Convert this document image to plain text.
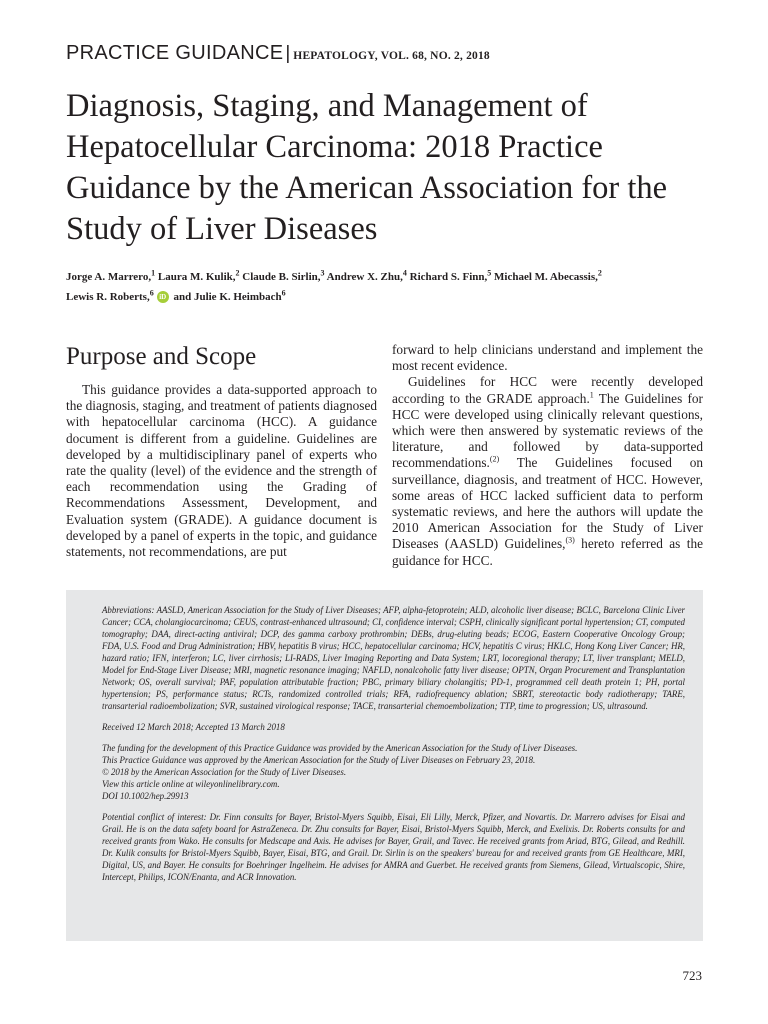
PRACTICE GUIDANCE | HEPATOLOGY, VOL. 68, NO. 2, 2018
Diagnosis, Staging, and Management of Hepatocellular Carcinoma: 2018 Practice Guidance by the American Association for the Study of Liver Diseases
Jorge A. Marrero,$^1$ Laura M. Kulik,$^2$ Claude B. Sirlin,$^3$ Andrew X. Zhu,$^4$ Richard S. Finn,$^5$ Michael M. Abecassis,$^2$
Lewis R. Roberts,$^6$iD and Julie K. Heimbach$^6$
Purpose and Scope

This guidance provides a data-supported approach to the diagnosis, staging, and treatment of patients diagnosed with hepatocellular carcinoma (HCC). A guidance document is different from a guideline. Guidelines are developed by a multidisciplinary panel of experts who rate the quality (level) of the evidence and the strength of each recommendation using the Grading of Recommendations Assessment, Development, and Evaluation system (GRADE). A guidance document is developed by a panel of experts in the topic, and guidance statements, not recommendations, are put

forward to help clinicians understand and implement the most recent evidence.

Guidelines for HCC were recently developed according to the GRADE approach.$^1$ The Guidelines for HCC were developed using clinically relevant questions, which were then answered by systematic reviews of the literature, and followed by data-supported recommendations.$^{(2)}$ The Guidelines focused on surveillance, diagnosis, and treatment of HCC. However, some areas of HCC lacked sufficient data to perform systematic reviews, and here the authors will update the 2010 American Association for the Study of Liver Diseases (AASLD) Guidelines,$^{(3)}$ hereto referred as the guidance for HCC.

Abbreviations: AASLD, American Association for the Study of Liver Diseases; AFP, alpha-fetoprotein; ALD, alcoholic liver disease; BCLC, Barcelona Clinic Liver Cancer; CCA, cholangiocarcinoma; CEUS, contrast-enhanced ultrasound; CI, confidence interval; CSPH, clinically significant portal hypertension; CT, computed tomography; DAA, direct-acting antiviral; DCP, des gamma carboxy prothrombin; DEBs, drug-eluting beads; ECOG, Eastern Cooperative Oncology Group; FDA, U.S. Food and Drug Administration; HBV, hepatitis B virus; HCC, hepatocellular carcinoma; HCV, hepatitis C virus; HKLC, Hong Kong Liver Cancer; HR, hazard ratio; IFN, interferon; LC, liver cirrhosis; LI-RADS, Liver Imaging Reporting and Data System; LRT, locoregional therapy; LT, liver transplant; MELD, Model for End-Stage Liver Disease; MRI, magnetic resonance imaging; NAFLD, nonalcoholic fatty liver disease; OPTN, Organ Procurement and Transplantation Network; OS, overall survival; PAF, population attributable fraction; PBC, primary biliary cholangitis; PD-1, programmed cell death protein 1; PH, portal hypertension; PS, performance status; RCTs, randomized controlled trials; RFA, radiofrequency ablation; SBRT, stereotactic body radiotherapy; TARE, transarterial radioembolization; SVR, sustained virological response; TACE, transarterial chemoembolization; TTP, time to progression; US, ultrasound.

Received 12 March 2018; Accepted 13 March 2018

The funding for the development of this Practice Guidance was provided by the American Association for the Study of Liver Diseases.

This Practice Guidance was approved by the American Association for the Study of Liver Diseases on February 23, 2018.

© 2018 by the American Association for the Study of Liver Diseases.

View this article online at wileyonlinelibrary.com.

DOI 10.1002/hep.29913

Potential conflict of interest: Dr. Finn consults for Bayer, Bristol-Myers Squibb, Eisai, Eli Lilly, Merck, Pfizer, and Novartis. Dr. Marrero advises for Eisai and Grail. He is on the data safety board for AstraZeneca. Dr. Zhu consults for Bayer, Eisai, Bristol-Myers Squibb, Merck, and Exelixis. Dr. Roberts consults for and received grants from Wako. He consults for Medscape and Axis. He advises for Bayer, Grail, and Tavec. He received grants from Ariad, BTG, Gilead, and Redhill. Dr. Kulik consults for Bristol-Myers Squibb, Bayer, Eisai, BTG, and Grail. Dr. Sirlin is on the speakers' bureau for and received grants from GE Healthcare, MRI, Digital, US, and Bayer. He consults for Boehringer Ingelheim. He advises for AMRA and Guerbet. He received grants from Siemens, Gilead, Virtualscopic, Shire, Intercept, Philips, ICON/Enanta, and ACR Innovation.

723
